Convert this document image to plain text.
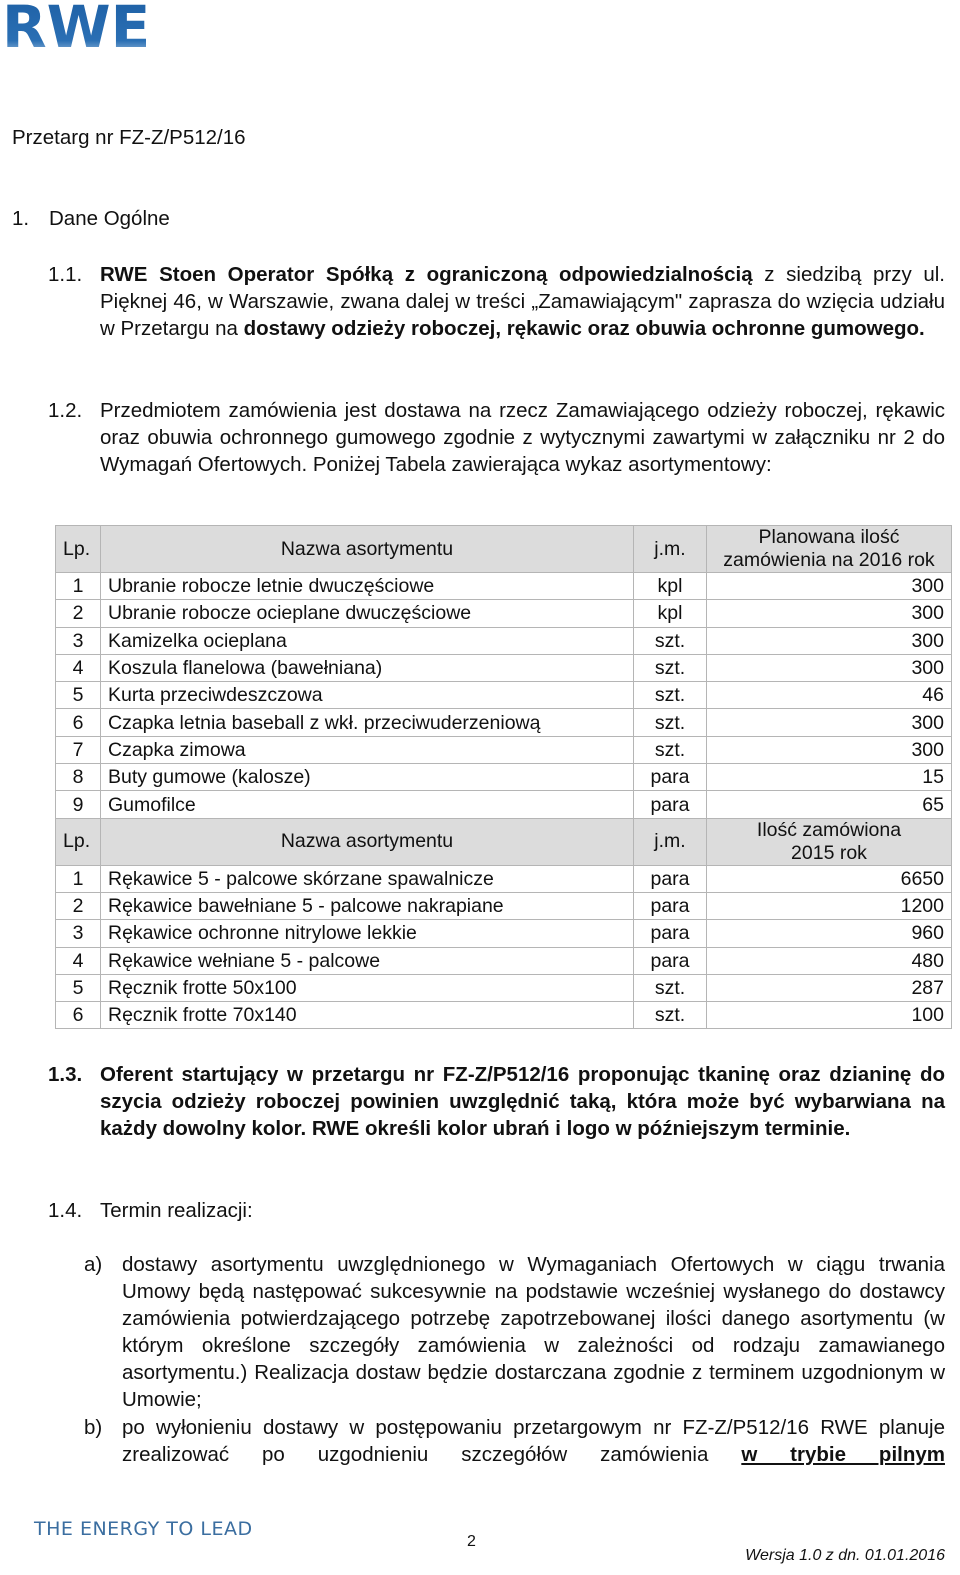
RWE
Przetarg nr FZ-Z/P512/16
1. Dane Ogólne
1.1. RWE Stoen Operator Spółką z ograniczoną odpowiedzialnością z siedzibą przy ul. Pięknej 46, w Warszawie, zwana dalej w treści „Zamawiającym" zaprasza do wzięcia udziału w Przetargu na dostawy odzieży roboczej, rękawic oraz obuwia ochronne gumowego.
1.2. Przedmiotem zamówienia jest dostawa na rzecz Zamawiającego odzieży roboczej, rękawic oraz obuwia ochronnego gumowego zgodnie z wytycznymi zawartymi w załączniku nr 2 do Wymagań Ofertowych. Poniżej Tabela zawierająca wykaz asortymentowy:
Lp.	Nazwa asortymentu	j.m.	Planowana ilość
zamówienia na 2016 rok
1	Ubranie robocze letnie dwuczęściowe	kpl	300
2	Ubranie robocze ocieplane dwuczęściowe	kpl	300
3	Kamizelka ocieplana	szt.	300
4	Koszula flanelowa (bawełniana)	szt.	300
5	Kurta przeciwdeszczowa	szt.	46
6	Czapka letnia baseball z wkł. przeciwuderzeniową	szt.	300
7	Czapka zimowa	szt.	300
8	Buty gumowe (kalosze)	para	15
9	Gumofilce	para	65
Lp.	Nazwa asortymentu	j.m.	Ilość zamówiona
2015 rok
1	Rękawice 5 - palcowe skórzane spawalnicze	para	6650
2	Rękawice bawełniane 5 - palcowe nakrapiane	para	1200
3	Rękawice ochronne nitrylowe lekkie	para	960
4	Rękawice wełniane 5 - palcowe	para	480
5	Ręcznik frotte 50x100	szt.	287
6	Ręcznik frotte 70x140	szt.	100
1.3. Oferent startujący w przetargu nr FZ-Z/P512/16 proponując tkaninę oraz dzianinę do szycia odzieży roboczej powinien uwzględnić taką, która może być wybarwiana na każdy dowolny kolor. RWE określi kolor ubrań i logo w późniejszym terminie.
1.4. Termin realizacji:
a) dostawy asortymentu uwzględnionego w Wymaganiach Ofertowych w ciągu trwania Umowy będą następować sukcesywnie na podstawie wcześniej wysłanego do dostawcy zamówienia potwierdzającego potrzebę zapotrzebowanej ilości danego asortymentu (w którym określone szczegóły zamówienia w zależności od rodzaju zamawianego asortymentu.) Realizacja dostaw będzie dostarczana zgodnie z terminem uzgodnionym w Umowie;
b) po wyłonieniu dostawy w postępowaniu przetargowym nr FZ-Z/P512/16 RWE planuje zrealizować po uzgodnieniu szczegółów zamówienia w trybie pilnym
THE ENERGY TO LEAD
2
Wersja 1.0 z dn. 01.01.2016
